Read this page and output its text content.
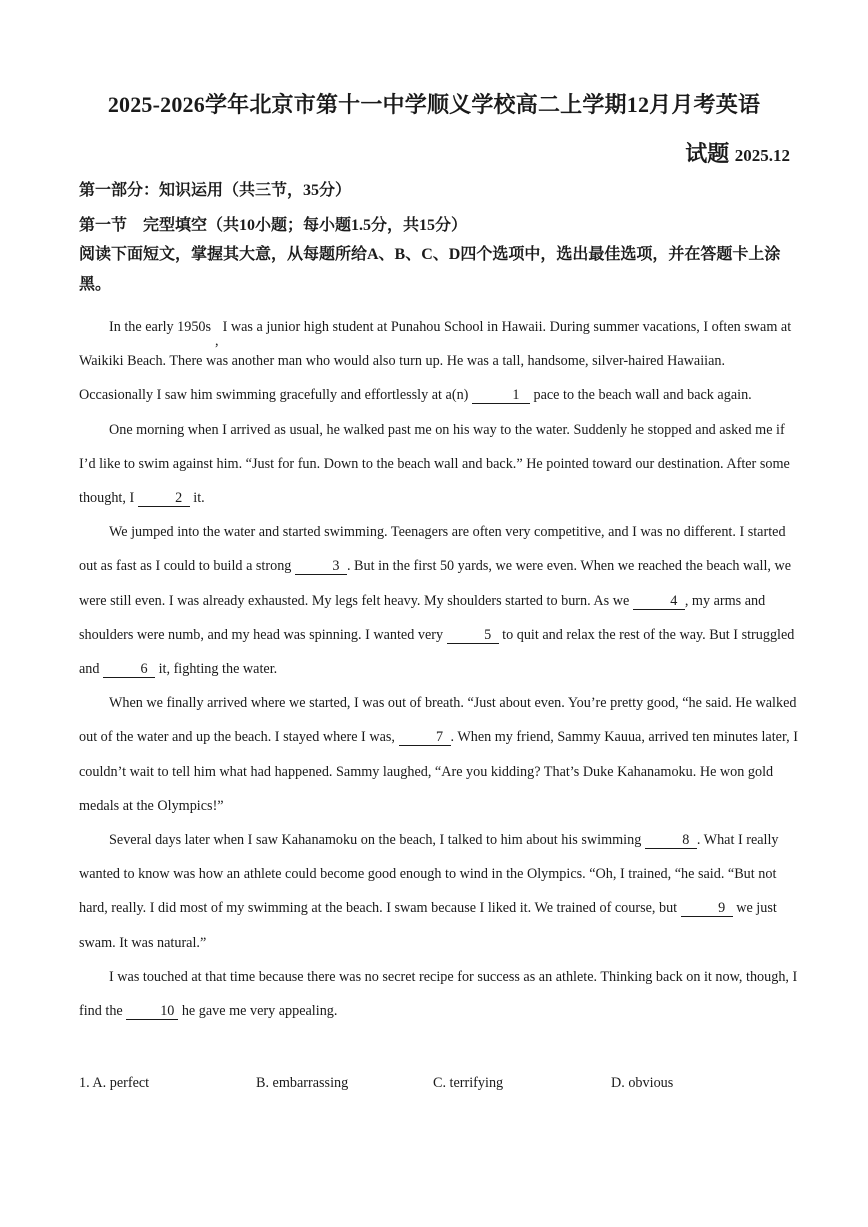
2025-2026学年北京市第十一中学顺义学校高二上学期12月月考英语
试题 2025.12
第一部分：知识运用（共三节，35分）
第一节　完型填空（共10小题；每小题1.5分，共15分）
阅读下面短文，掌握其大意，从每题所给A、B、C、D四个选项中，选出最佳选项，并在答题卡上涂黑。

In the early 1950s,I was a junior high student at Punahou School in Hawaii. During summer vacations, I often swam at Waikiki Beach. There was another man who would also turn up. He was a tall, handsome, silver-haired Hawaiian. Occasionally I saw him swimming gracefully and effortlessly at a(n)	1 pace to the beach wall and back again.

One morning when I arrived as usual, he walked past me on his way to the water. Suddenly he stopped and asked me if I’d like to swim against him. “Just for fun. Down to the beach wall and back.” He pointed toward our destination. After some thought, I	2 it.

We jumped into the water and started swimming. Teenagers are often very competitive, and I was no different. I started out as fast as I could to build a strong	3 . But in the first 50 yards, we were even. When we reached the beach wall, we were still even. I was already exhausted. My legs felt heavy. My shoulders started to burn. As we	4 , my arms and shoulders were numb, and my head was spinning. I wanted very	5 to quit and relax the rest of the way. But I struggled and	6 it, fighting the water.

When we finally arrived where we started, I was out of breath. “Just about even. You’re pretty good, “he said. He walked out of the water and up the beach. I stayed where I was,	7 . When my friend, Sammy Kauua, arrived ten minutes later, I couldn’t wait to tell him what had happened. Sammy laughed, “Are you kidding? That’s Duke Kahanamoku. He won gold medals at the Olympics!”

Several days later when I saw Kahanamoku on the beach, I talked to him about his swimming	8 . What I really wanted to know was how an athlete could become good enough to wind in the Olympics. “Oh, I trained, “he said. “But not hard, really. I did most of my swimming at the beach. I swam because I liked it. We trained of course, but	9 we just swam. It was natural.”

I was touched at that time because there was no secret recipe for success as an athlete. Thinking back on it now, though, I find the	10 he gave me very appealing.

1. A. perfect	B. embarrassing	C. terrifying	D. obvious
